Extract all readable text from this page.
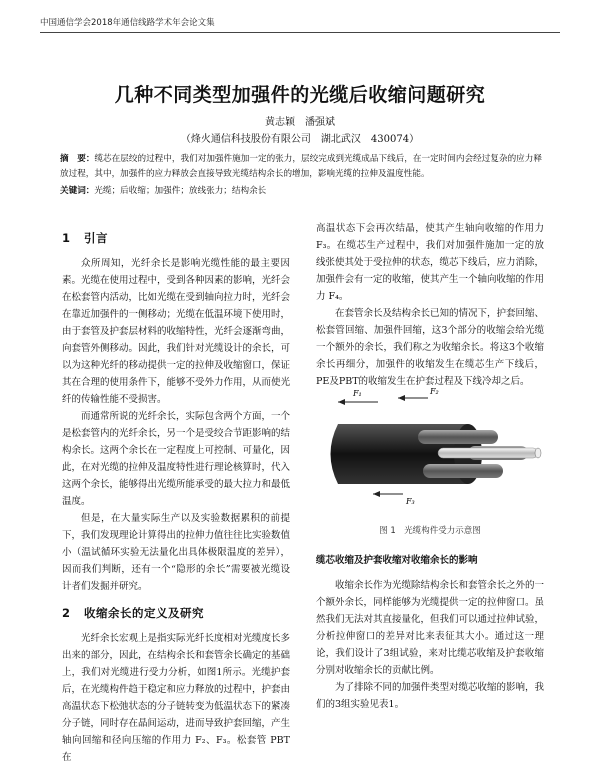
中国通信学会2018年通信线路学术年会论文集
几种不同类型加强件的光缆后收缩问题研究
黄志颖　潘强斌
（烽火通信科技股份有限公司　湖北武汉　430074）
摘　要：缆芯在层绞的过程中，我们对加强件施加一定的张力，层绞完成到光缆成品下线后，在一定时间内会经过复杂的应力释放过程，其中，加强件的应力释放会直接导致光缆结构余长的增加，影响光缆的拉伸及温度性能。
关键词：光缆；后收缩；加强件；放线张力；结构余长
1 引言

众所周知，光纤余长是影响光缆性能的最主要因素。光缆在使用过程中，受到各种因素的影响，光纤会在松套管内活动，比如光缆在受到轴向拉力时，光纤会在靠近加强件的一侧移动；光缆在低温环境下使用时，由于套管及护套层材料的收缩特性，光纤会逐渐弯曲，向套管外侧移动。因此，我们针对光缆设计的余长，可以为这种光纤的移动提供一定的拉伸及收缩窗口，保证其在合理的使用条件下，能够不受外力作用，从而使光纤的传输性能不受损害。

而通常所说的光纤余长，实际包含两个方面，一个是松套管内的光纤余长，另一个是受绞合节距影响的结构余长。这两个余长在一定程度上可控制、可量化，因此，在对光缆的拉伸及温度特性进行理论核算时，代入这两个余长，能够得出光缆所能承受的最大拉力和最低温度。

但是，在大量实际生产以及实验数据累积的前提下，我们发现理论计算得出的拉伸力值往往比实验数值小（温试循环实验无法量化出具体极限温度的差异），因而我们判断，还有一个“隐形的余长”需要被光缆设计者们发掘并研究。

2 收缩余长的定义及研究

光纤余长宏观上是指实际光纤长度相对光缆度长多出来的部分，因此，在结构余长和套管余长确定的基础上，我们对光缆进行受力分析，如图1所示。光缆护套后，在光缆构件趋于稳定和应力释放的过程中，护套由高温状态下松弛状态的分子链转变为低温状态下的紧凑分子链，同时存在晶间运动，进而导致护套回缩，产生轴向回缩和径向压缩的作用力 F₂、F₃。松套管 PBT 在

高温状态下会再次结晶，使其产生轴向收缩的作用力 F₃。在缆芯生产过程中，我们对加强件施加一定的放线张使其处于受拉伸的状态，缆芯下线后，应力消除，加强件会有一定的收缩，使其产生一个轴向收缩的作用力 F₄。

在套管余长及结构余长已知的情况下，护套回缩、松套管回缩、加强件回缩，这3个部分的收缩会给光缆一个额外的余长，我们称之为收缩余长。将这3个收缩余长再细分，加强件的收缩发生在缆芯生产下线后，PE及PBT的收缩发生在护套过程及下线冷却之后。

F₁	F₂
F₃
图 1　光缆构件受力示意图
缆芯收缩及护套收缩对收缩余长的影响

收缩余长作为光缆除结构余长和套管余长之外的一个额外余长，同样能够为光缆提供一定的拉伸窗口。虽然我们无法对其直接量化，但我们可以通过拉伸试验，分析拉伸窗口的差异对比来表征其大小。通过这一理论，我们设计了3组试验，来对比缆芯收缩及护套收缩分别对收缩余长的贡献比例。

为了排除不同的加强件类型对缆芯收缩的影响，我们的3组实验见表1。
